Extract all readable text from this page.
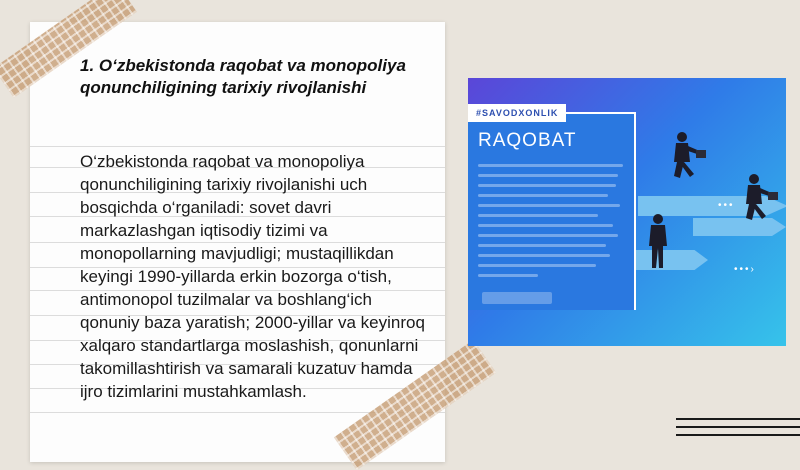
1. O‘zbekistonda raqobat va monopoliya qonunchiligining tarixiy rivojlanishi

O‘zbekistonda raqobat va monopoliya qonunchiligining tarixiy rivojlanishi uch bosqichda o‘rganiladi: sovet davri markazlashgan iqtisodiy tizimi va monopollarning mavjudligi; mustaqillikdan keyingi 1990-yillarda erkin bozorga o‘tish, antimonopol tuzilmalar va boshlang‘ich qonuniy baza yaratish; 2000-yillar va keyinroq xalqaro standartlarga moslashish, qonunlarni takomillashtirish va samarali kuzatuv hamda ijro tizimlarini mustahkamlash.

RAQOBAT
#SAVODXONLIK
•••›
•••
